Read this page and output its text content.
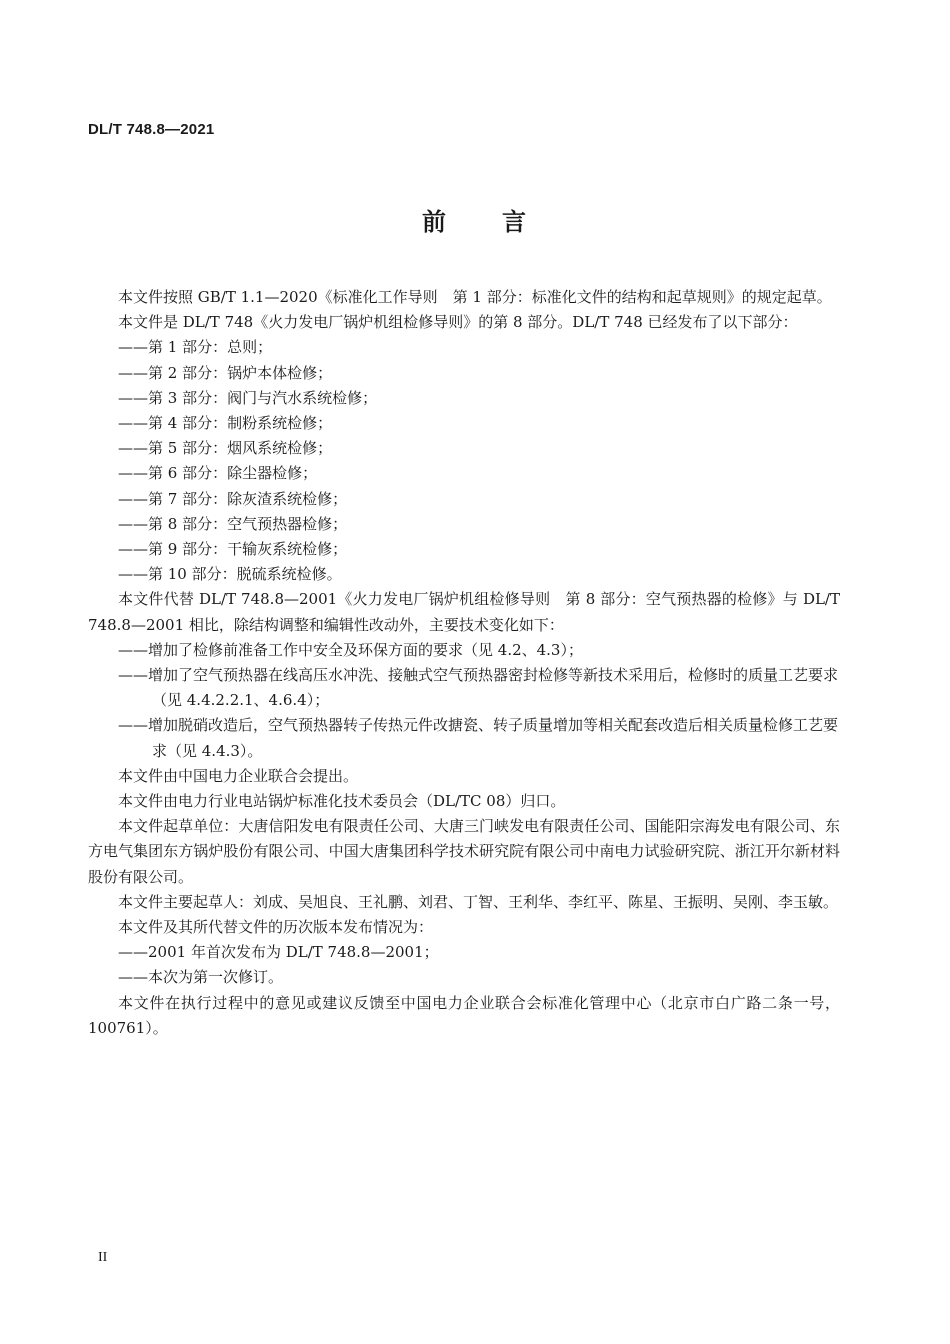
DL/T 748.8—2021
前 言

本文件按照 GB/T 1.1—2020《标准化工作导则　第 1 部分：标准化文件的结构和起草规则》的规定起草。

本文件是 DL/T 748《火力发电厂锅炉机组检修导则》的第 8 部分。DL/T 748 已经发布了以下部分：

——第 1 部分：总则；

——第 2 部分：锅炉本体检修；

——第 3 部分：阀门与汽水系统检修；

——第 4 部分：制粉系统检修；

——第 5 部分：烟风系统检修；

——第 6 部分：除尘器检修；

——第 7 部分：除灰渣系统检修；

——第 8 部分：空气预热器检修；

——第 9 部分：干输灰系统检修；

——第 10 部分：脱硫系统检修。

本文件代替 DL/T 748.8—2001《火力发电厂锅炉机组检修导则　第 8 部分：空气预热器的检修》与 DL/T 748.8—2001 相比，除结构调整和编辑性改动外，主要技术变化如下：

——增加了检修前准备工作中安全及环保方面的要求（见 4.2、4.3）；

——增加了空气预热器在线高压水冲洗、接触式空气预热器密封检修等新技术采用后，检修时的质量工艺要求（见 4.4.2.2.1、4.6.4）；

——增加脱硝改造后，空气预热器转子传热元件改搪瓷、转子质量增加等相关配套改造后相关质量检修工艺要求（见 4.4.3）。

本文件由中国电力企业联合会提出。

本文件由电力行业电站锅炉标准化技术委员会（DL/TC 08）归口。

本文件起草单位：大唐信阳发电有限责任公司、大唐三门峡发电有限责任公司、国能阳宗海发电有限公司、东方电气集团东方锅炉股份有限公司、中国大唐集团科学技术研究院有限公司中南电力试验研究院、浙江开尔新材料股份有限公司。

本文件主要起草人：刘成、吴旭良、王礼鹏、刘君、丁智、王利华、李红平、陈星、王振明、吴刚、李玉敏。

本文件及其所代替文件的历次版本发布情况为：

——2001 年首次发布为 DL/T 748.8—2001；

——本次为第一次修订。

本文件在执行过程中的意见或建议反馈至中国电力企业联合会标准化管理中心（北京市白广路二条一号，100761）。

II
